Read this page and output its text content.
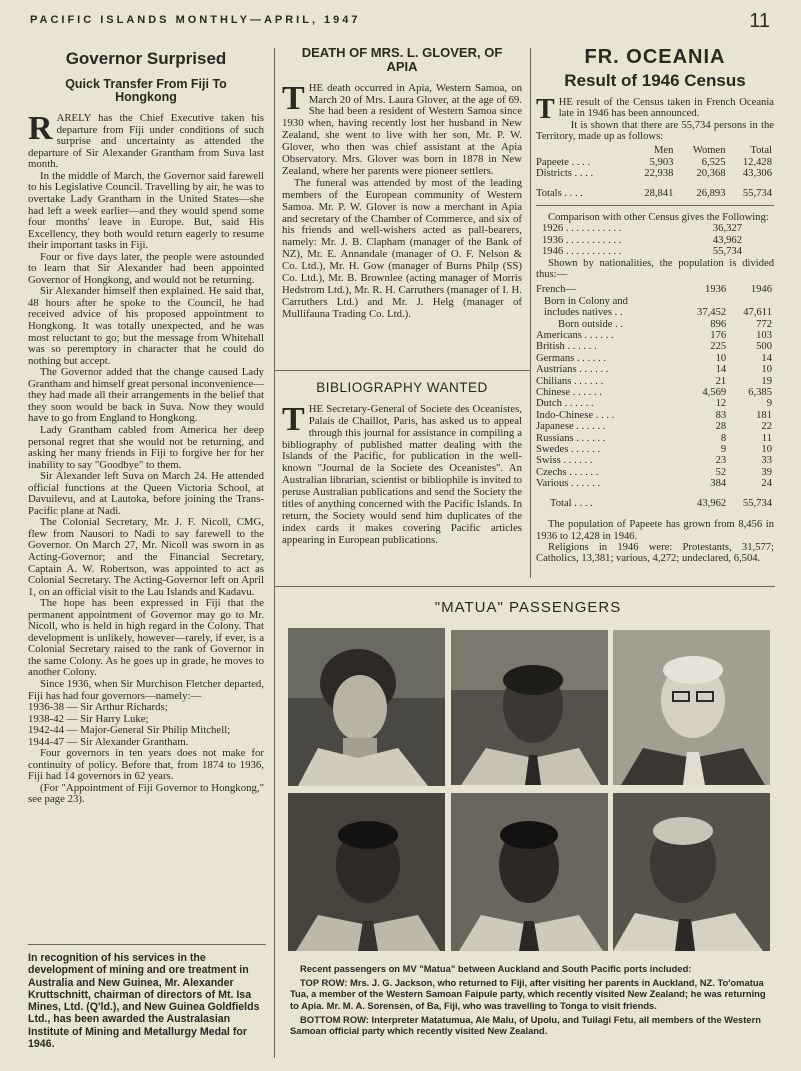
PACIFIC ISLANDS MONTHLY—APRIL, 1947	11
Governor Surprised
Quick Transfer From Fiji To Hongkong

RARELY has the Chief Executive taken his departure from Fiji under conditions of such surprise and uncertainty as attended the departure of Sir Alexander Grantham from Suva last month.

In the middle of March, the Governor said farewell to his Legislative Council. Travelling by air, he was to overtake Lady Grantham in the United States—she had left a week earlier—and they would spend some four months' leave in Europe. But, said His Excellency, they both would return eagerly to resume their important tasks in Fiji.

Four or five days later, the people were astounded to learn that Sir Alexander had been appointed Governor of Hongkong, and would not be returning.

Sir Alexander himself then explained. He said that, 48 hours after he spoke to the Council, he had received advice of his proposed appointment to Hongkong. It was totally unexpected, and he was most reluctant to go; but the message from Whitehall was so peremptory in character that he could do nothing but accept.

The Governor added that the change caused Lady Grantham and himself great personal inconvenience—they had made all their arrangements in the belief that they soon would be back in Suva. Now they would have to go from England to Hongkong.

Lady Grantham cabled from America her deep personal regret that she would not be returning, and asking her many friends in Fiji to forgive her for her inability to say "Goodbye" to them.

Sir Alexander left Suva on March 24. He attended official functions at the Queen Victoria School, at Davuilevu, and at Lautoka, before joining the Trans-Pacific plane at Nadi.

The Colonial Secretary, Mr. J. F. Nicoll, CMG, flew from Nausori to Nadi to say farewell to the Governor. On March 27, Mr. Nicoll was sworn in as Acting-Governor; and the Financial Secretary, Captain A. W. Robertson, was appointed to act as Colonial Secretary. The Acting-Governor left on April 1, on an official visit to the Lau Islands and Kadavu.

The hope has been expressed in Fiji that the permanent appointment of Governor may go to Mr. Nicoll, who is held in high regard in the Colony. That development is unlikely, however—rarely, if ever, is a Colonial Secretary raised to the rank of Governor in the same Colony. As he goes up in grade, he moves to another Colony.

Since 1936, when Sir Murchison Fletcher departed, Fiji has had four governors—namely:—

1936-38 — Sir Arthur Richards;

1938-42 — Sir Harry Luke;

1942-44 — Major-General Sir Philip Mitchell;

1944-47 — Sir Alexander Grantham.

Four governors in ten years does not make for continuity of policy. Before that, from 1874 to 1936, Fiji had 14 governors in 62 years.

(For "Appointment of Fiji Governor to Hongkong," see page 23).

In recognition of his services in the development of mining and ore treatment in Australia and New Guinea, Mr. Alexander Kruttschnitt, chairman of directors of Mt. Isa Mines, Ltd. (Q'ld.), and New Guinea Goldfields Ltd., has been awarded the Australasian Institute of Mining and Metallurgy Medal for 1946.

DEATH OF MRS. L. GLOVER, OF APIA

THE death occurred in Apia, Western Samoa, on March 20 of Mrs. Laura Glover, at the age of 69. She had been a resident of Western Samoa since 1930 when, having recently lost her husband in New Zealand, she went to live with her son, Mr. P. W. Glover, who then was chief assistant at the Apia Observatory. Mrs. Glover was born in 1878 in New Zealand, where her parents were pioneer settlers.

The funeral was attended by most of the leading members of the European community of Western Samoa. Mr. P. W. Glover is now a merchant in Apia and secretary of the Chamber of Commerce, and six of his friends and well-wishers acted as pall-bearers, namely: Mr. J. B. Clapham (manager of the Bank of NZ), Mr. E. Annandale (manager of O. F. Nelson & Co. Ltd.), Mr. H. Gow (manager of Burns Philp (SS) Co. Ltd.), Mr. B. Brownlee (acting manager of Morris Hedstrom Ltd.), Mr. R. H. Carruthers (manager of I. H. Carruthers Ltd.) and Mr. J. Helg (manager of Mullifauna Trading Co. Ltd.).

BIBLIOGRAPHY WANTED

THE Secretary-General of Societe des Oceanistes, Palais de Chaillot, Paris, has asked us to appeal through this journal for assistance in compiling a bibliography of published matter dealing with the Islands of the Pacific, for publication in the well-known "Journal de la Societe des Oceanistes". An Australian librarian, scientist or bibliophile is invited to peruse Australian publications and send the Society the titles of anything concerned with the Pacific Islands. In return, the Society would send him duplicates of the index cards it makes covering Pacific articles appearing in European publications.

FR. OCEANIA
Result of 1946 Census

THE result of the Census taken in French Oceania late in 1946 has been announced.

It is shown that there are 55,734 persons in the Territory, made up as follows:

	Men	Women	Total
Papeete . . . .	5,903	6,525	12,428
Districts . . . .	22,938	20,368	43,306

Totals . . . .	28,841	26,893	55,734

Comparison with other Census gives the Following:

1926 . . . . . . . . . . .	36,327
1936 . . . . . . . . . . .	43,962
1946 . . . . . . . . . . .	55,734

Shown by nationalities, the population is divided thus:—

French—	1936	1946
Born in Colony and		
includes natives . .	37,452	47,611
Born outside . .	896	772
Americans . . . . . .	176	103
British . . . . . .	225	500
Germans . . . . . .	10	14
Austrians . . . . . .	14	10
Chilians . . . . . .	21	19
Chinese . . . . . .	4,569	6,385
Dutch . . . . . .	12	9
Indo-Chinese . . . .	83	181
Japanese . . . . . .	28	22
Russians . . . . . .	8	11
Swedes . . . . . .	9	10
Swiss . . . . . .	23	33
Czechs . . . . . .	52	39
Various . . . . . .	384	24

Total . . . .	43,962	55,734

The population of Papeete has grown from 8,456 in 1936 to 12,428 in 1946.

Religions in 1946 were: Protestants, 31,577; Catholics, 13,381; various, 4,272; undeclared, 6,504.

"MATUA" PASSENGERS

Recent passengers on MV "Matua" between Auckland and South Pacific ports included:

TOP ROW: Mrs. J. G. Jackson, who returned to Fiji, after visiting her parents in Auckland, NZ. To'omatua Tua, a member of the Western Samoan Faipule party, which recently visited New Zealand; he was returning to Apia. Mr. M. A. Sorensen, of Ba, Fiji, who was travelling to Tonga to visit friends.

BOTTOM ROW: Interpreter Matatumua, Ale Malu, of Upolu, and Tuilagi Fetu, all members of the Western Samoan official party which recently visited New Zealand.
